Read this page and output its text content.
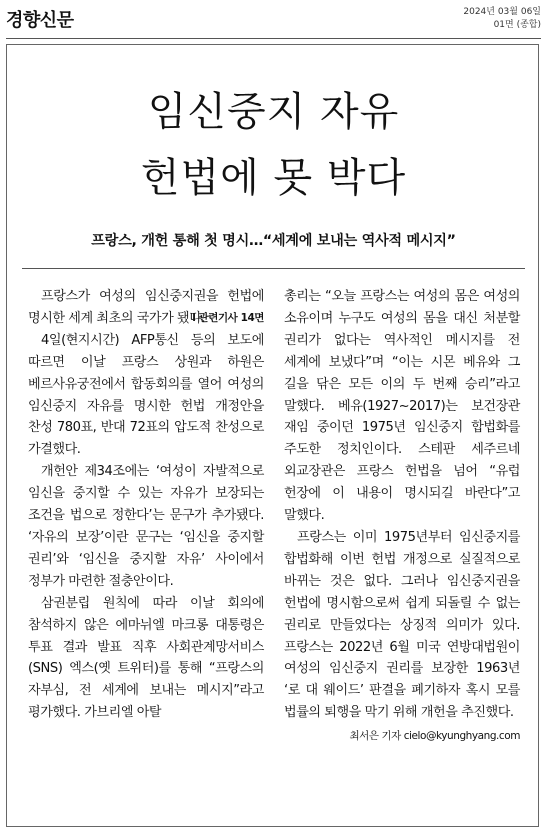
경향신문	2024년 03월 06일
01면 (종합)
임신중지 자유
헌법에 못 박다
프랑스, 개헌 통해 첫 명시…“세계에 보내는 역사적 메시지”

프랑스가 여성의 임신중지권을 헌법에 명시한 세계 최초의 국가가 됐다.

l 관련기사 14면

4일(현지시간) AFP통신 등의 보도에 따르면 이날 프랑스 상원과 하원은 베르사유궁전에서 합동회의를 열어 여성의 임신중지 자유를 명시한 헌법 개정안을 찬성 780표, 반대 72표의 압도적 찬성으로 가결했다.

개헌안 제34조에는 ‘여성이 자발적으로 임신을 중지할 수 있는 자유가 보장되는 조건을 법으로 정한다’는 문구가 추가됐다. ‘자유의 보장’이란 문구는 ‘임신을 중지할 권리’와 ‘임신을 중지할 자유’ 사이에서 정부가 마련한 절충안이다.

삼권분립 원칙에 따라 이날 회의에 참석하지 않은 에마뉘엘 마크롱 대통령은 투표 결과 발표 직후 사회관계망서비스(SNS) 엑스(옛 트위터)를 통해 “프랑스의 자부심, 전 세계에 보내는 메시지”라고 평가했다. 가브리엘 아탈

총리는 “오늘 프랑스는 여성의 몸은 여성의 소유이며 누구도 여성의 몸을 대신 처분할 권리가 없다는 역사적인 메시지를 전 세계에 보냈다”며 “이는 시몬 베유와 그 길을 닦은 모든 이의 두 번째 승리”라고 말했다. 베유(1927~2017)는 보건장관 재임 중이던 1975년 임신중지 합법화를 주도한 정치인이다. 스테판 세주르네 외교장관은 프랑스 헌법을 넘어 “유럽 헌장에 이 내용이 명시되길 바란다”고 말했다.

프랑스는 이미 1975년부터 임신중지를 합법화해 이번 헌법 개정으로 실질적으로 바뀌는 것은 없다. 그러나 임신중지권을 헌법에 명시함으로써 쉽게 되돌릴 수 없는 권리로 만들었다는 상징적 의미가 있다. 프랑스는 2022년 6월 미국 연방대법원이 여성의 임신중지 권리를 보장한 1963년 ‘로 대 웨이드’ 판결을 폐기하자 혹시 모를 법률의 퇴행을 막기 위해 개헌을 추진했다.

최서은 기자 cielo@kyunghyang.com
